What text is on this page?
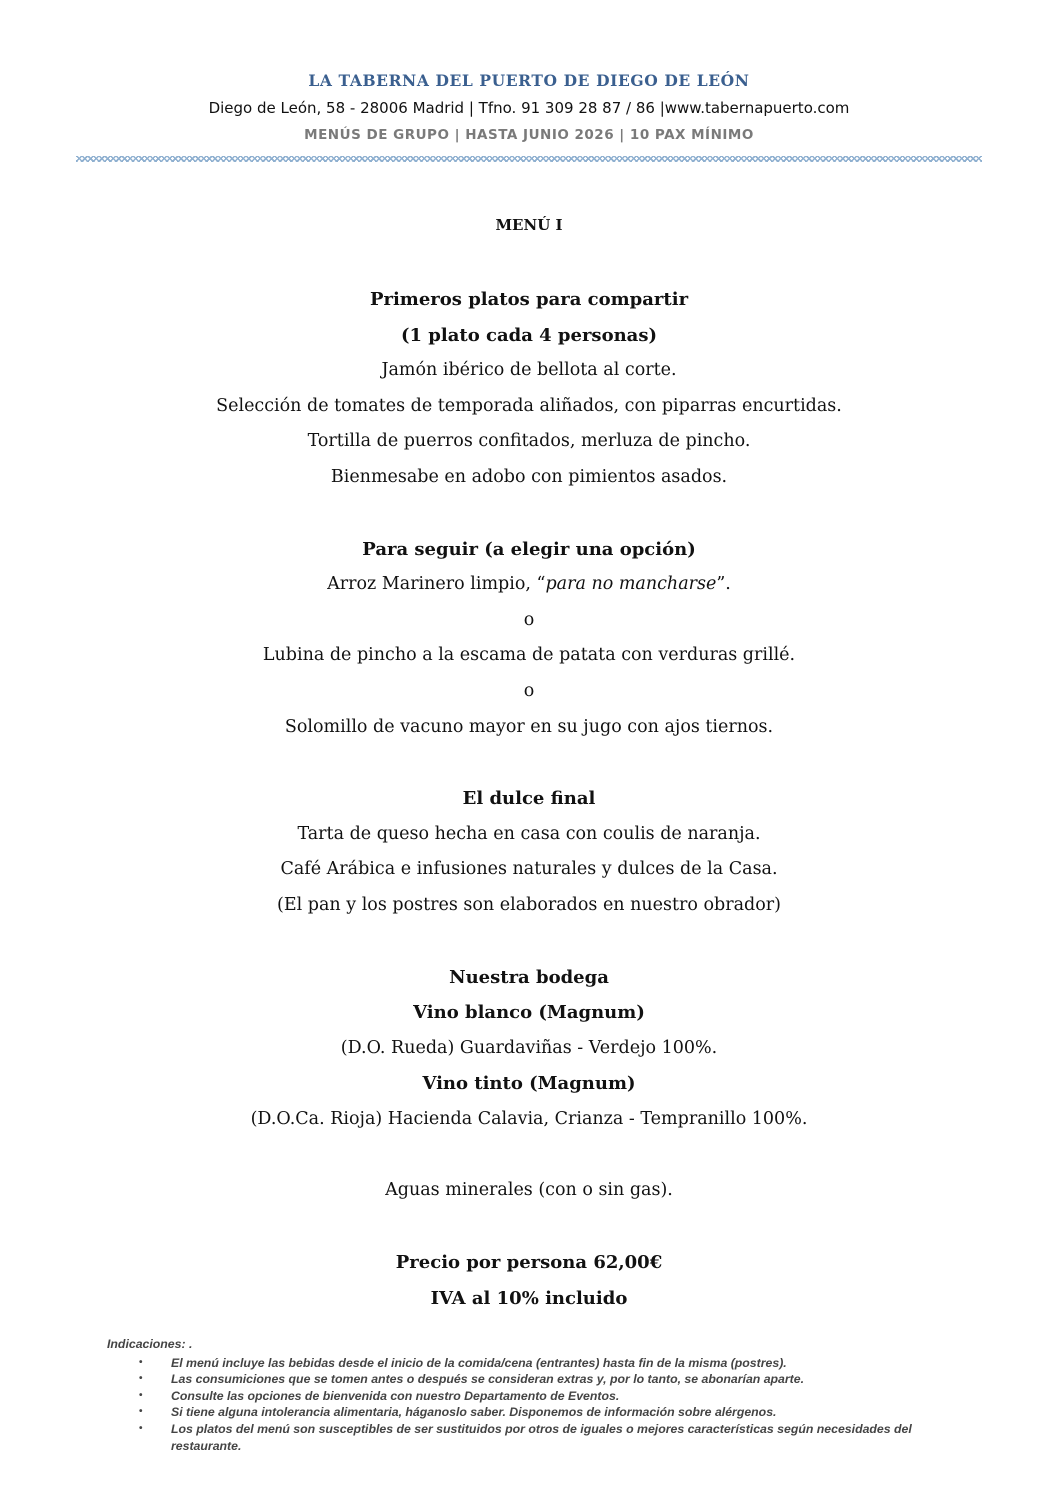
LA TABERNA DEL PUERTO DE DIEGO DE LEÓN
Diego de León, 58 - 28006 Madrid | Tfno. 91 309 28 87 / 86 |www.tabernapuerto.com
MENÚS DE GRUPO | HASTA JUNIO 2026 | 10 PAX MÍNIMO
MENÚ I
Primeros platos para compartir
(1 plato cada 4 personas)
Jamón ibérico de bellota al corte.
Selección de tomates de temporada aliñados, con piparras encurtidas.
Tortilla de puerros confitados, merluza de pincho.
Bienmesabe en adobo con pimientos asados.
Para seguir (a elegir una opción)
Arroz Marinero limpio, “para no mancharse”.
o
Lubina de pincho a la escama de patata con verduras grillé.
o
Solomillo de vacuno mayor en su jugo con ajos tiernos.
El dulce final
Tarta de queso hecha en casa con coulis de naranja.
Café Arábica e infusiones naturales y dulces de la Casa.
(El pan y los postres son elaborados en nuestro obrador)
Nuestra bodega
Vino blanco (Magnum)
(D.O. Rueda) Guardaviñas - Verdejo 100%.
Vino tinto (Magnum)
(D.O.Ca. Rioja) Hacienda Calavia, Crianza - Tempranillo 100%.
Aguas minerales (con o sin gas).
Precio por persona 62,00€
IVA al 10% incluido
Indicaciones: .
• El menú incluye las bebidas desde el inicio de la comida/cena (entrantes) hasta fin de la misma (postres).
• Las consumiciones que se tomen antes o después se consideran extras y, por lo tanto, se abonarían aparte.
• Consulte las opciones de bienvenida con nuestro Departamento de Eventos.
• Si tiene alguna intolerancia alimentaria, háganoslo saber. Disponemos de información sobre alérgenos.
• Los platos del menú son susceptibles de ser sustituidos por otros de iguales o mejores características según necesidades del restaurante.
